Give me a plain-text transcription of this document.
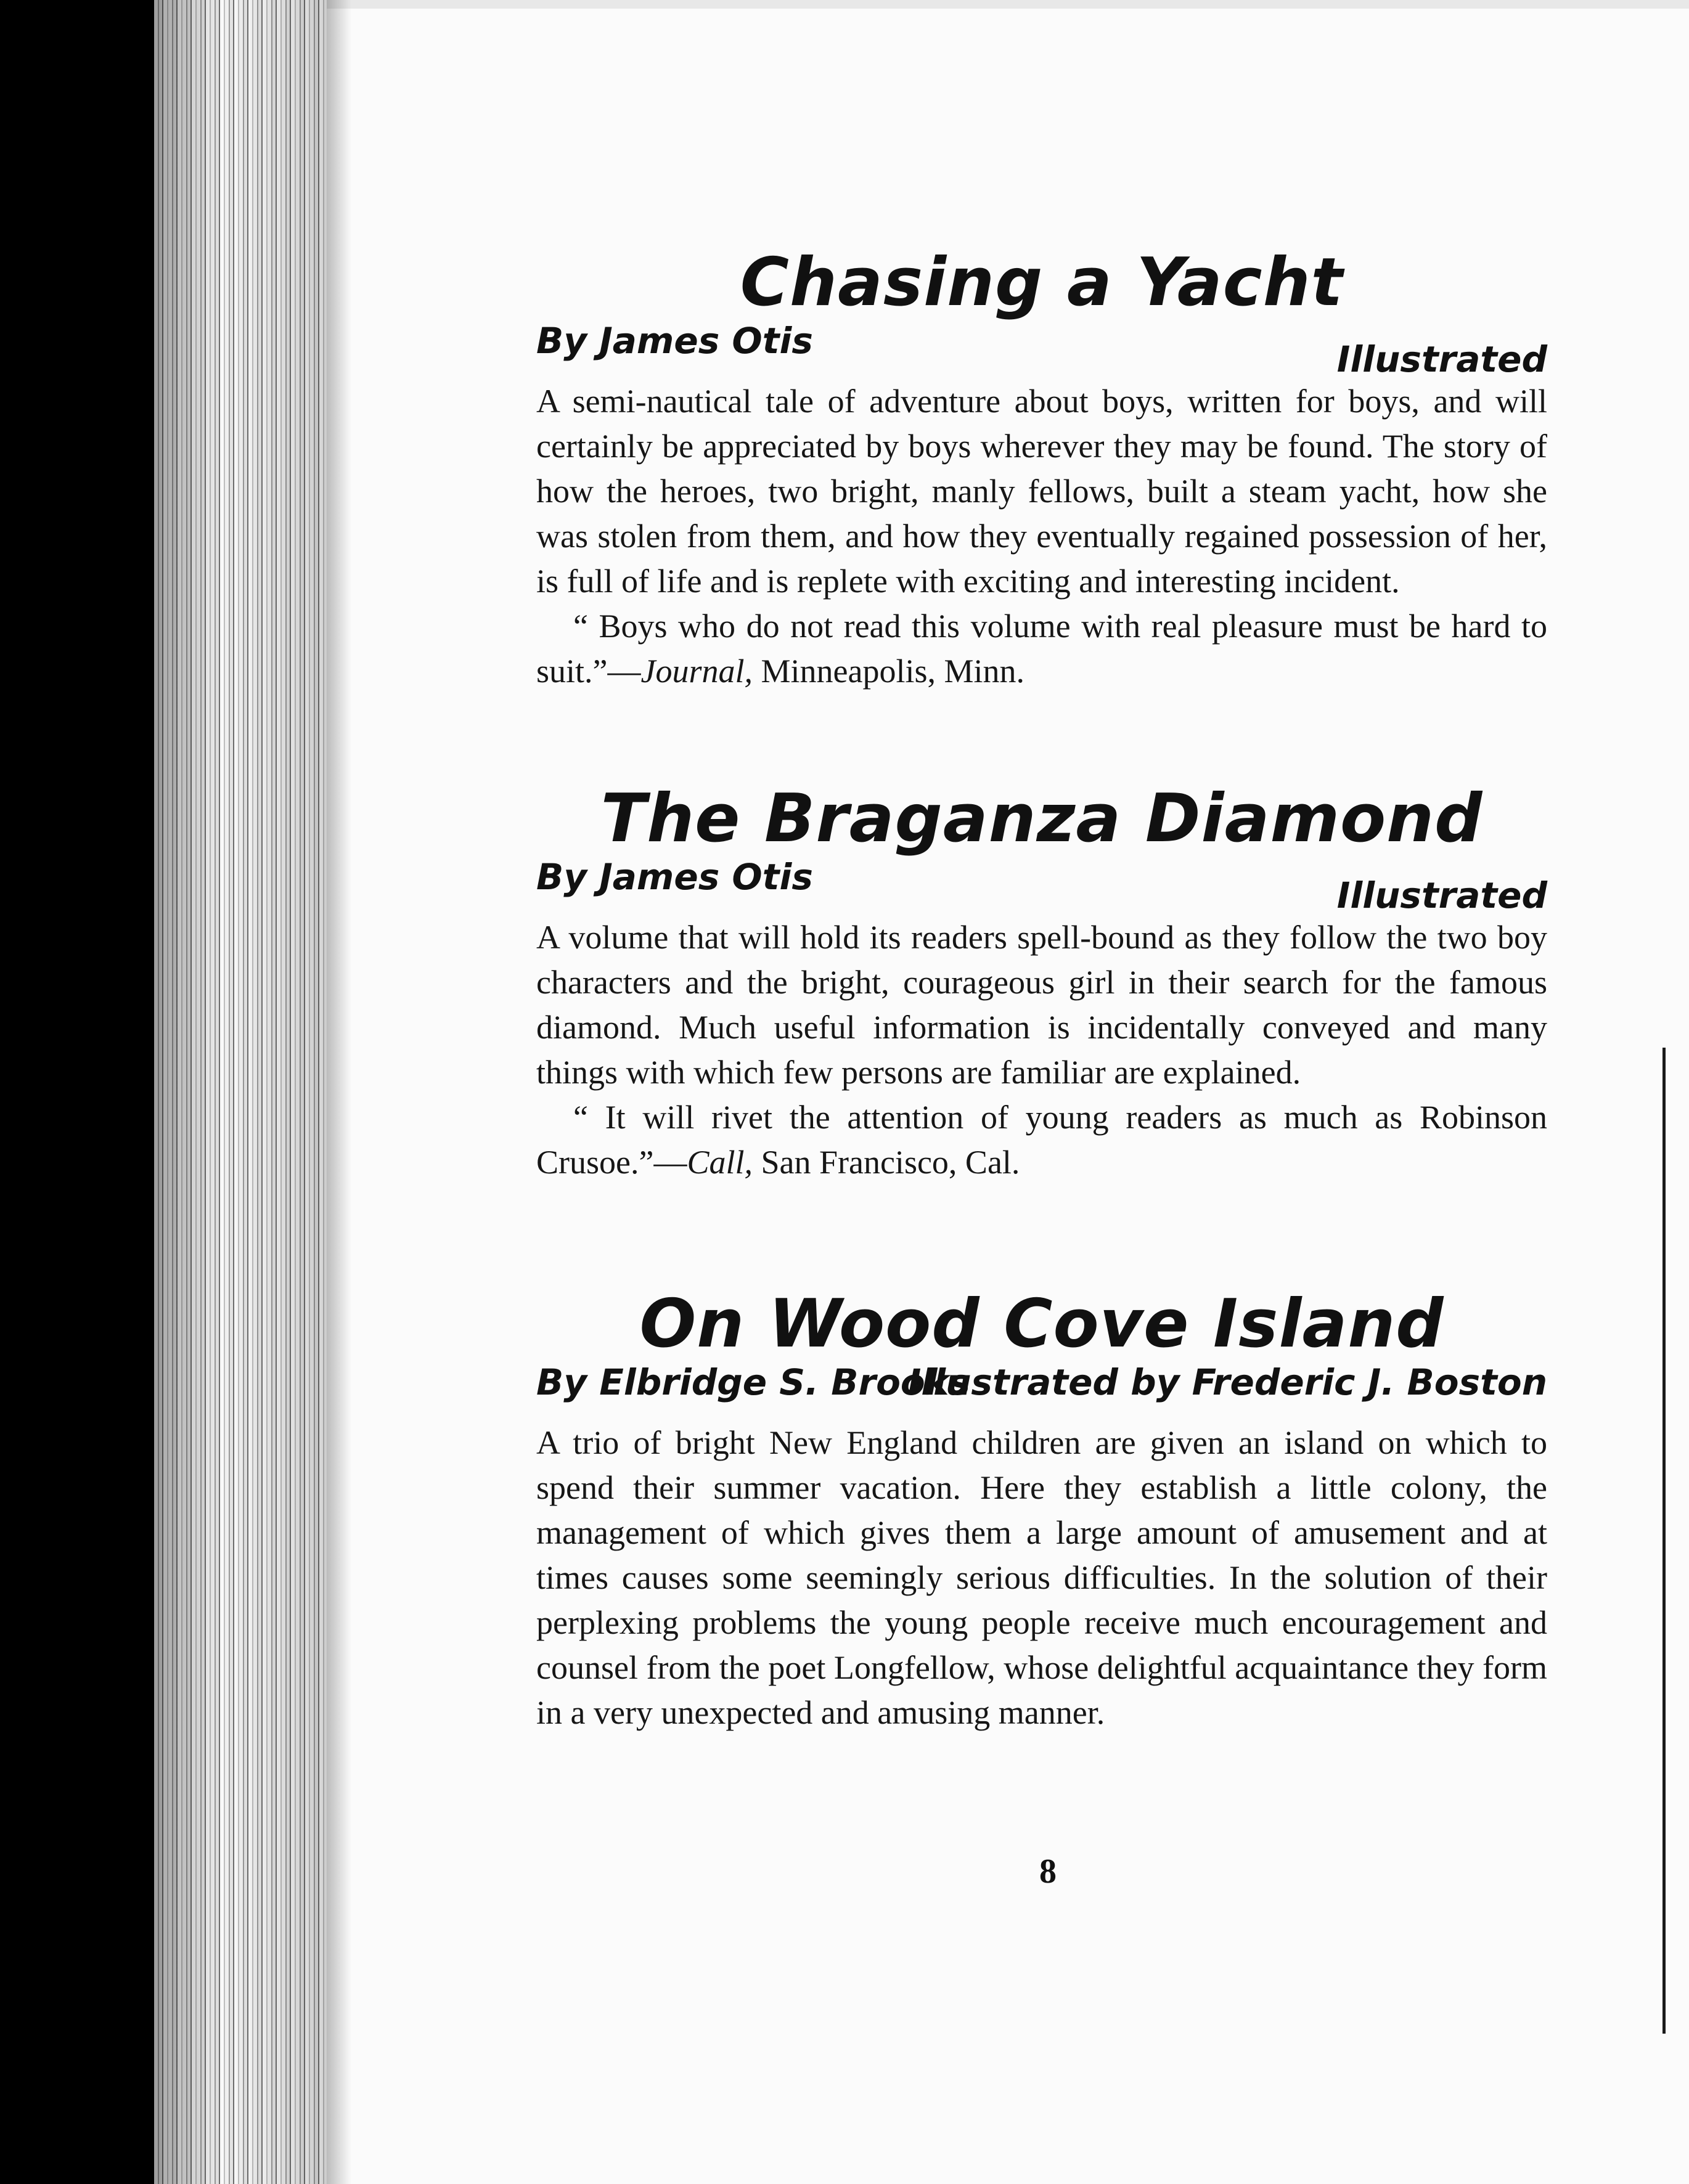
Chasing a Yacht
By James Otis	Illustrated

A semi-nautical tale of adventure about boys, written for boys, and will certainly be appreciated by boys wherever they may be found. The story of how the heroes, two bright, manly fellows, built a steam yacht, how she was stolen from them, and how they eventually regained possession of her, is full of life and is replete with exciting and interesting incident.

“ Boys who do not read this volume with real pleasure must be hard to suit.”—Journal, Minneapolis, Minn.

The Braganza Diamond
By James Otis	Illustrated

A volume that will hold its readers spell-bound as they follow the two boy characters and the bright, courageous girl in their search for the famous diamond. Much useful information is incidentally conveyed and many things with which few persons are familiar are explained.

“ It will rivet the attention of young readers as much as Robinson Crusoe.”—Call, San Francisco, Cal.

On Wood Cove Island
By Elbridge S. Brooks
Illustrated by Frederic J. Boston

A trio of bright New England children are given an island on which to spend their summer vacation. Here they establish a little colony, the management of which gives them a large amount of amusement and at times causes some seemingly serious difficulties. In the solution of their perplexing problems the young people receive much encouragement and counsel from the poet Longfellow, whose delightful acquaintance they form in a very unexpected and amusing manner.

8
